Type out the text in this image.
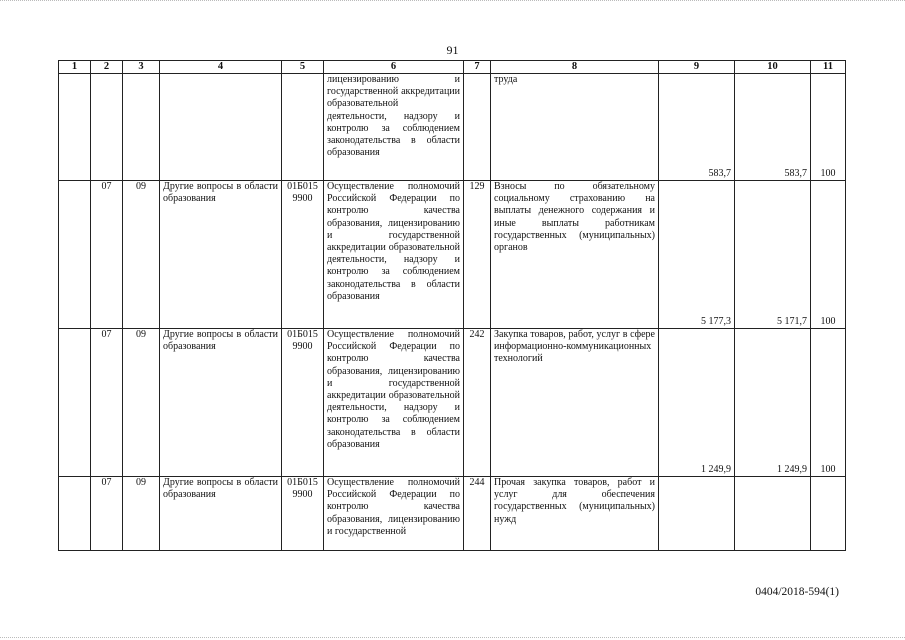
91
1	2	3	4	5	6	7	8	9	10	11
					лицензированию и государственной аккредитации образовательной деятельности, надзору и контролю за соблюдением законодательства в области образования		труда	583,7	583,7	100
	07	09	Другие вопросы в области образования	01Б015 9900	Осуществление полномочий Российской Федерации по контролю качества образования, лицензированию и государственной аккредитации образовательной деятельности, надзору и контролю за соблюдением законодательства в области образования	129	Взносы по обязательному социальному страхованию на выплаты денежного содержания и иные выплаты работникам государственных (муниципальных) органов	5 177,3	5 171,7	100
	07	09	Другие вопросы в области образования	01Б015 9900	Осуществление полномочий Российской Федерации по контролю качества образования, лицензированию и государственной аккредитации образовательной деятельности, надзору и контролю за соблюдением законодательства в области образования	242	Закупка товаров, работ, услуг в сфере информационно-коммуникационных технологий	1 249,9	1 249,9	100
	07	09	Другие вопросы в области образования	01Б015 9900	Осуществление полномочий Российской Федерации по контролю качества образования, лицензированию и государственной	244	Прочая закупка товаров, работ и услуг для обеспечения государственных (муниципальных) нужд			
0404/2018-594(1)
